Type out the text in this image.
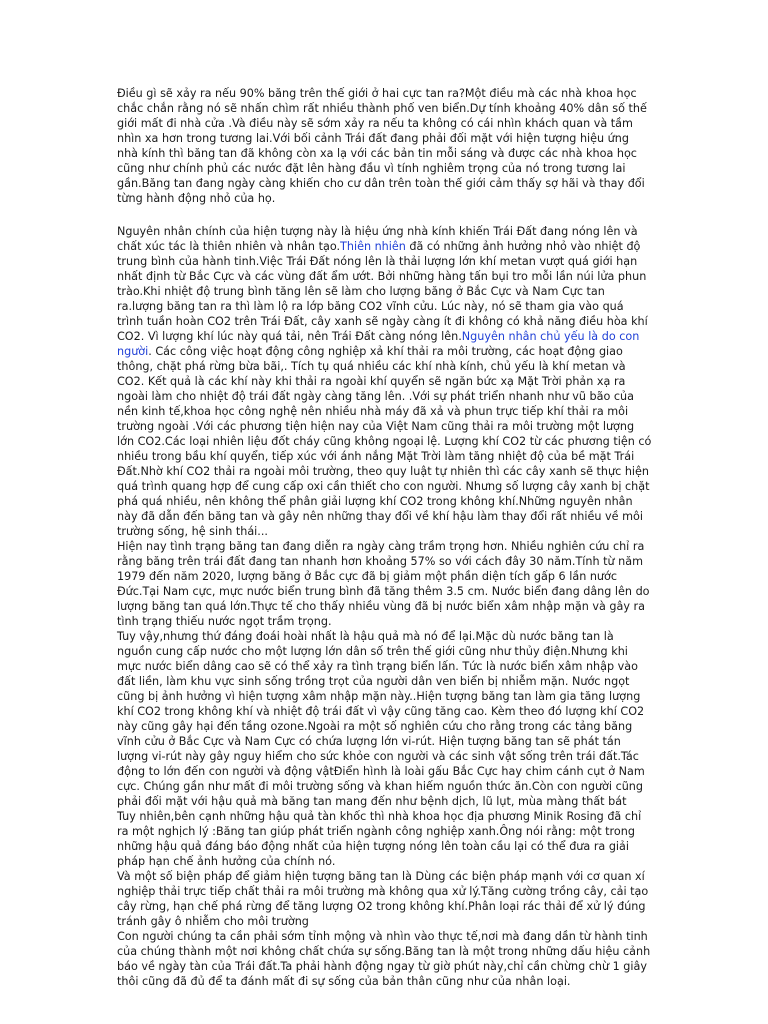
Điều gì sẽ xảy ra nếu 90% băng trên thế giới ở hai cực tan ra?Một điều mà các nhà khoa học chắc chắn rằng nó sẽ nhấn chìm rất nhiều thành phố ven biển.Dự tính khoảng 40% dân số thế giới mất đi nhà cửa .Và điều này sẽ sớm xảy ra nếu ta không có cái nhìn khách quan và tầm nhìn xa hơn trong tương lai.Với bối cảnh Trái đất đang phải đối mặt với hiện tượng hiệu ứng nhà kính thì băng tan đã không còn xa lạ với các bản tin mỗi sáng và được các nhà khoa học cũng như chính phủ các nước đặt lên hàng đầu vì tính nghiêm trọng của nó trong tương lai gần.Băng tan đang ngày càng khiến cho cư dân trên toàn thế giới cảm thấy sợ hãi và thay đổi từng hành động nhỏ của họ.

Nguyên nhân chính của hiện tượng này là hiệu ứng nhà kính khiến Trái Đất đang nóng lên và chất xúc tác là thiên nhiên và nhân tạo.Thiên nhiên đã có những ảnh hưởng nhỏ vào nhiệt độ trung bình của hành tinh.Việc Trái Đất nóng lên là thải lượng lớn khí metan vượt quá giới hạn nhất định từ Bắc Cực và các vùng đất ẩm ướt. Bởi những hàng tấn bụi tro mỗi lần núi lửa phun trào.Khi nhiệt độ trung bình tăng lên sẽ làm cho lượng băng ở Bắc Cực và Nam Cực tan ra.lượng băng tan ra thì làm lộ ra lớp băng CO2 vĩnh cửu. Lúc này, nó sẽ tham gia vào quá trình tuần hoàn CO2 trên Trái Đất, cây xanh sẽ ngày càng ít đi không có khả năng điều hòa khí CO2. Vì lượng khí lúc này quá tải, nên Trái Đất càng nóng lên.Nguyên nhân chủ yếu là do con người. Các công việc hoạt động công nghiệp xả khí thải ra môi trường, các hoạt động giao thông, chặt phá rừng bừa bãi,. Tích tụ quá nhiều các khí nhà kính, chủ yếu là khí metan và CO2. Kết quả là các khí này khi thải ra ngoài khí quyển sẽ ngăn bức xạ Mặt Trời phản xạ ra ngoài làm cho nhiệt độ trái đất ngày càng tăng lên. .Với sự phát triển nhanh như vũ bão của nền kinh tế,khoa học công nghệ nên nhiều nhà máy đã xả và phun trực tiếp khí thải ra môi trường ngoài .Với các phương tiện hiện nay của Việt Nam cũng thải ra môi trường một lượng lớn CO2.Các loại nhiên liệu đốt cháy cũng không ngoại lệ. Lượng khí CO2 từ các phương tiện có nhiều trong bầu khí quyển, tiếp xúc với ánh nắng Mặt Trời làm tăng nhiệt độ của bề mặt Trái Đất.Nhờ khí CO2 thải ra ngoài môi trường, theo quy luật tự nhiên thì các cây xanh sẽ thực hiện quá trình quang hợp để cung cấp oxi cần thiết cho con người. Nhưng số lượng cây xanh bị chặt phá quá nhiều, nên không thể phân giải lượng khí CO2 trong không khí.Những nguyên nhân này đã dẫn đến băng tan và gây nên những thay đổi về khí hậu làm thay đổi rất nhiều về môi trường sống, hệ sinh thái...

Hiện nay tình trạng băng tan đang diễn ra ngày càng trầm trọng hơn. Nhiều nghiên cứu chỉ ra rằng băng trên trái đất đang tan nhanh hơn khoảng 57% so với cách đây 30 năm.Tính từ năm 1979 đến năm 2020, lượng băng ở Bắc cực đã bị giảm một phần diện tích gấp 6 lần nước Đức.Tại Nam cực, mực nước biển trung bình đã tăng thêm 3.5 cm. Nước biển đang dâng lên do lượng băng tan quá lớn.Thực tế cho thấy nhiều vùng đã bị nước biển xâm nhập mặn và gây ra tình trạng thiếu nước ngọt trầm trọng.

Tuy vậy,nhưng thứ đáng đoái hoài nhất là hậu quả mà nó để lại.Mặc dù nước băng tan là nguồn cung cấp nước cho một lượng lớn dân số trên thế giới cũng như thủy điện.Nhưng khi mực nước biển dâng cao sẽ có thể xảy ra tình trạng biển lấn. Tức là nước biển xâm nhập vào đất liền, làm khu vực sinh sống trồng trọt của người dân ven biển bị nhiễm mặn. Nước ngọt cũng bị ảnh hưởng vì hiện tượng xâm nhập mặn này..Hiện tượng băng tan làm gia tăng lượng khí CO2 trong không khí và nhiệt độ trái đất vì vậy cũng tăng cao. Kèm theo đó lượng khí CO2 này cũng gây hại đến tầng ozone.Ngoài ra một số nghiên cứu cho rằng trong các tảng băng vĩnh cửu ở Bắc Cực và Nam Cực có chứa lượng lớn vi-rút. Hiện tượng băng tan sẽ phát tán lượng vi-rút này gây nguy hiểm cho sức khỏe con người và các sinh vật sống trên trái đất.Tác động to lớn đến con người và động vậtĐiển hình là loài gấu Bắc Cực hay chim cánh cụt ở Nam cực. Chúng gần như mất đi môi trường sống và khan hiếm nguồn thức ăn.Còn con người cũng phải đối mặt với hậu quả mà băng tan mang đến như bệnh dịch, lũ lụt, mùa màng thất bát

Tuy nhiên,bên cạnh những hậu quả tàn khốc thì nhà khoa học địa phương Minik Rosing đã chỉ ra một nghịch lý :Băng tan giúp phát triển ngành công nghiệp xanh.Ông nói rằng: một trong những hậu quả đáng báo động nhất của hiện tượng nóng lên toàn cầu lại có thể đưa ra giải pháp hạn chế ảnh hưởng của chính nó.

Và một số biện pháp để giảm hiện tượng băng tan là Dùng các biện pháp mạnh với cơ quan xí nghiệp thải trực tiếp chất thải ra môi trường mà không qua xử lý.Tăng cường trồng cây, cải tạo cây rừng, hạn chế phá rừng để tăng lượng O2 trong không khí.Phân loại rác thải để xử lý đúng tránh gây ô nhiễm cho môi trường

Con người chúng ta cần phải sớm tỉnh mộng và nhìn vào thực tế,nơi mà đang dần từ hành tinh của chúng thành một nơi không chất chứa sự sống.Băng tan là một trong những dấu hiệu cảnh báo về ngày tàn của Trái đất.Ta phải hành động ngay từ giờ phút này,chỉ cần chừng chừ 1 giây thôi cũng đã đủ để ta đánh mất đi sự sống của bản thân cũng như của nhân loại.
